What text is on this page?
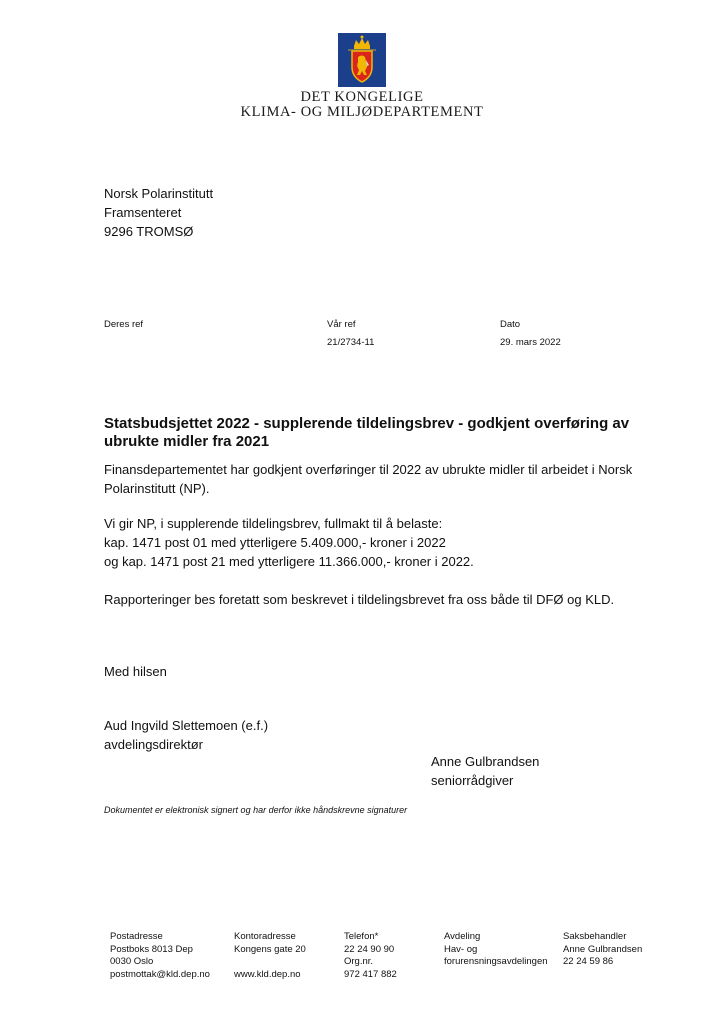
DET KONGELIGE
KLIMA- OG MILJØDEPARTEMENT
Norsk Polarinstitutt
Framsenteret
9296 TROMSØ
Deres ref	Vår ref
21/2734-11
Dato
29. mars 2022
Statsbudsjettet 2022 - supplerende tildelingsbrev - godkjent overføring av ubrukte midler fra 2021
Finansdepartementet har godkjent overføringer til 2022 av ubrukte midler til arbeidet i Norsk Polarinstitutt (NP).
Vi gir NP, i supplerende tildelingsbrev, fullmakt til å belaste:
kap. 1471 post 01 med ytterligere 5.409.000,- kroner i 2022
og kap. 1471 post 21 med ytterligere 11.366.000,- kroner i 2022.
Rapporteringer bes foretatt som beskrevet i tildelingsbrevet fra oss både til DFØ og KLD.
Med hilsen
Aud Ingvild Slettemoen (e.f.)
avdelingsdirektør
Anne Gulbrandsen
seniorrådgiver
Dokumentet er elektronisk signert og har derfor ikke håndskrevne signaturer
Postadresse
Postboks 8013 Dep
0030 Oslo
postmottak@kld.dep.no
Kontoradresse
Kongens gate 20
www.kld.dep.no
Telefon*
22 24 90 90
Org.nr.
972 417 882
Avdeling
Hav- og
forurensningsavdelingen
Saksbehandler
Anne Gulbrandsen
22 24 59 86
